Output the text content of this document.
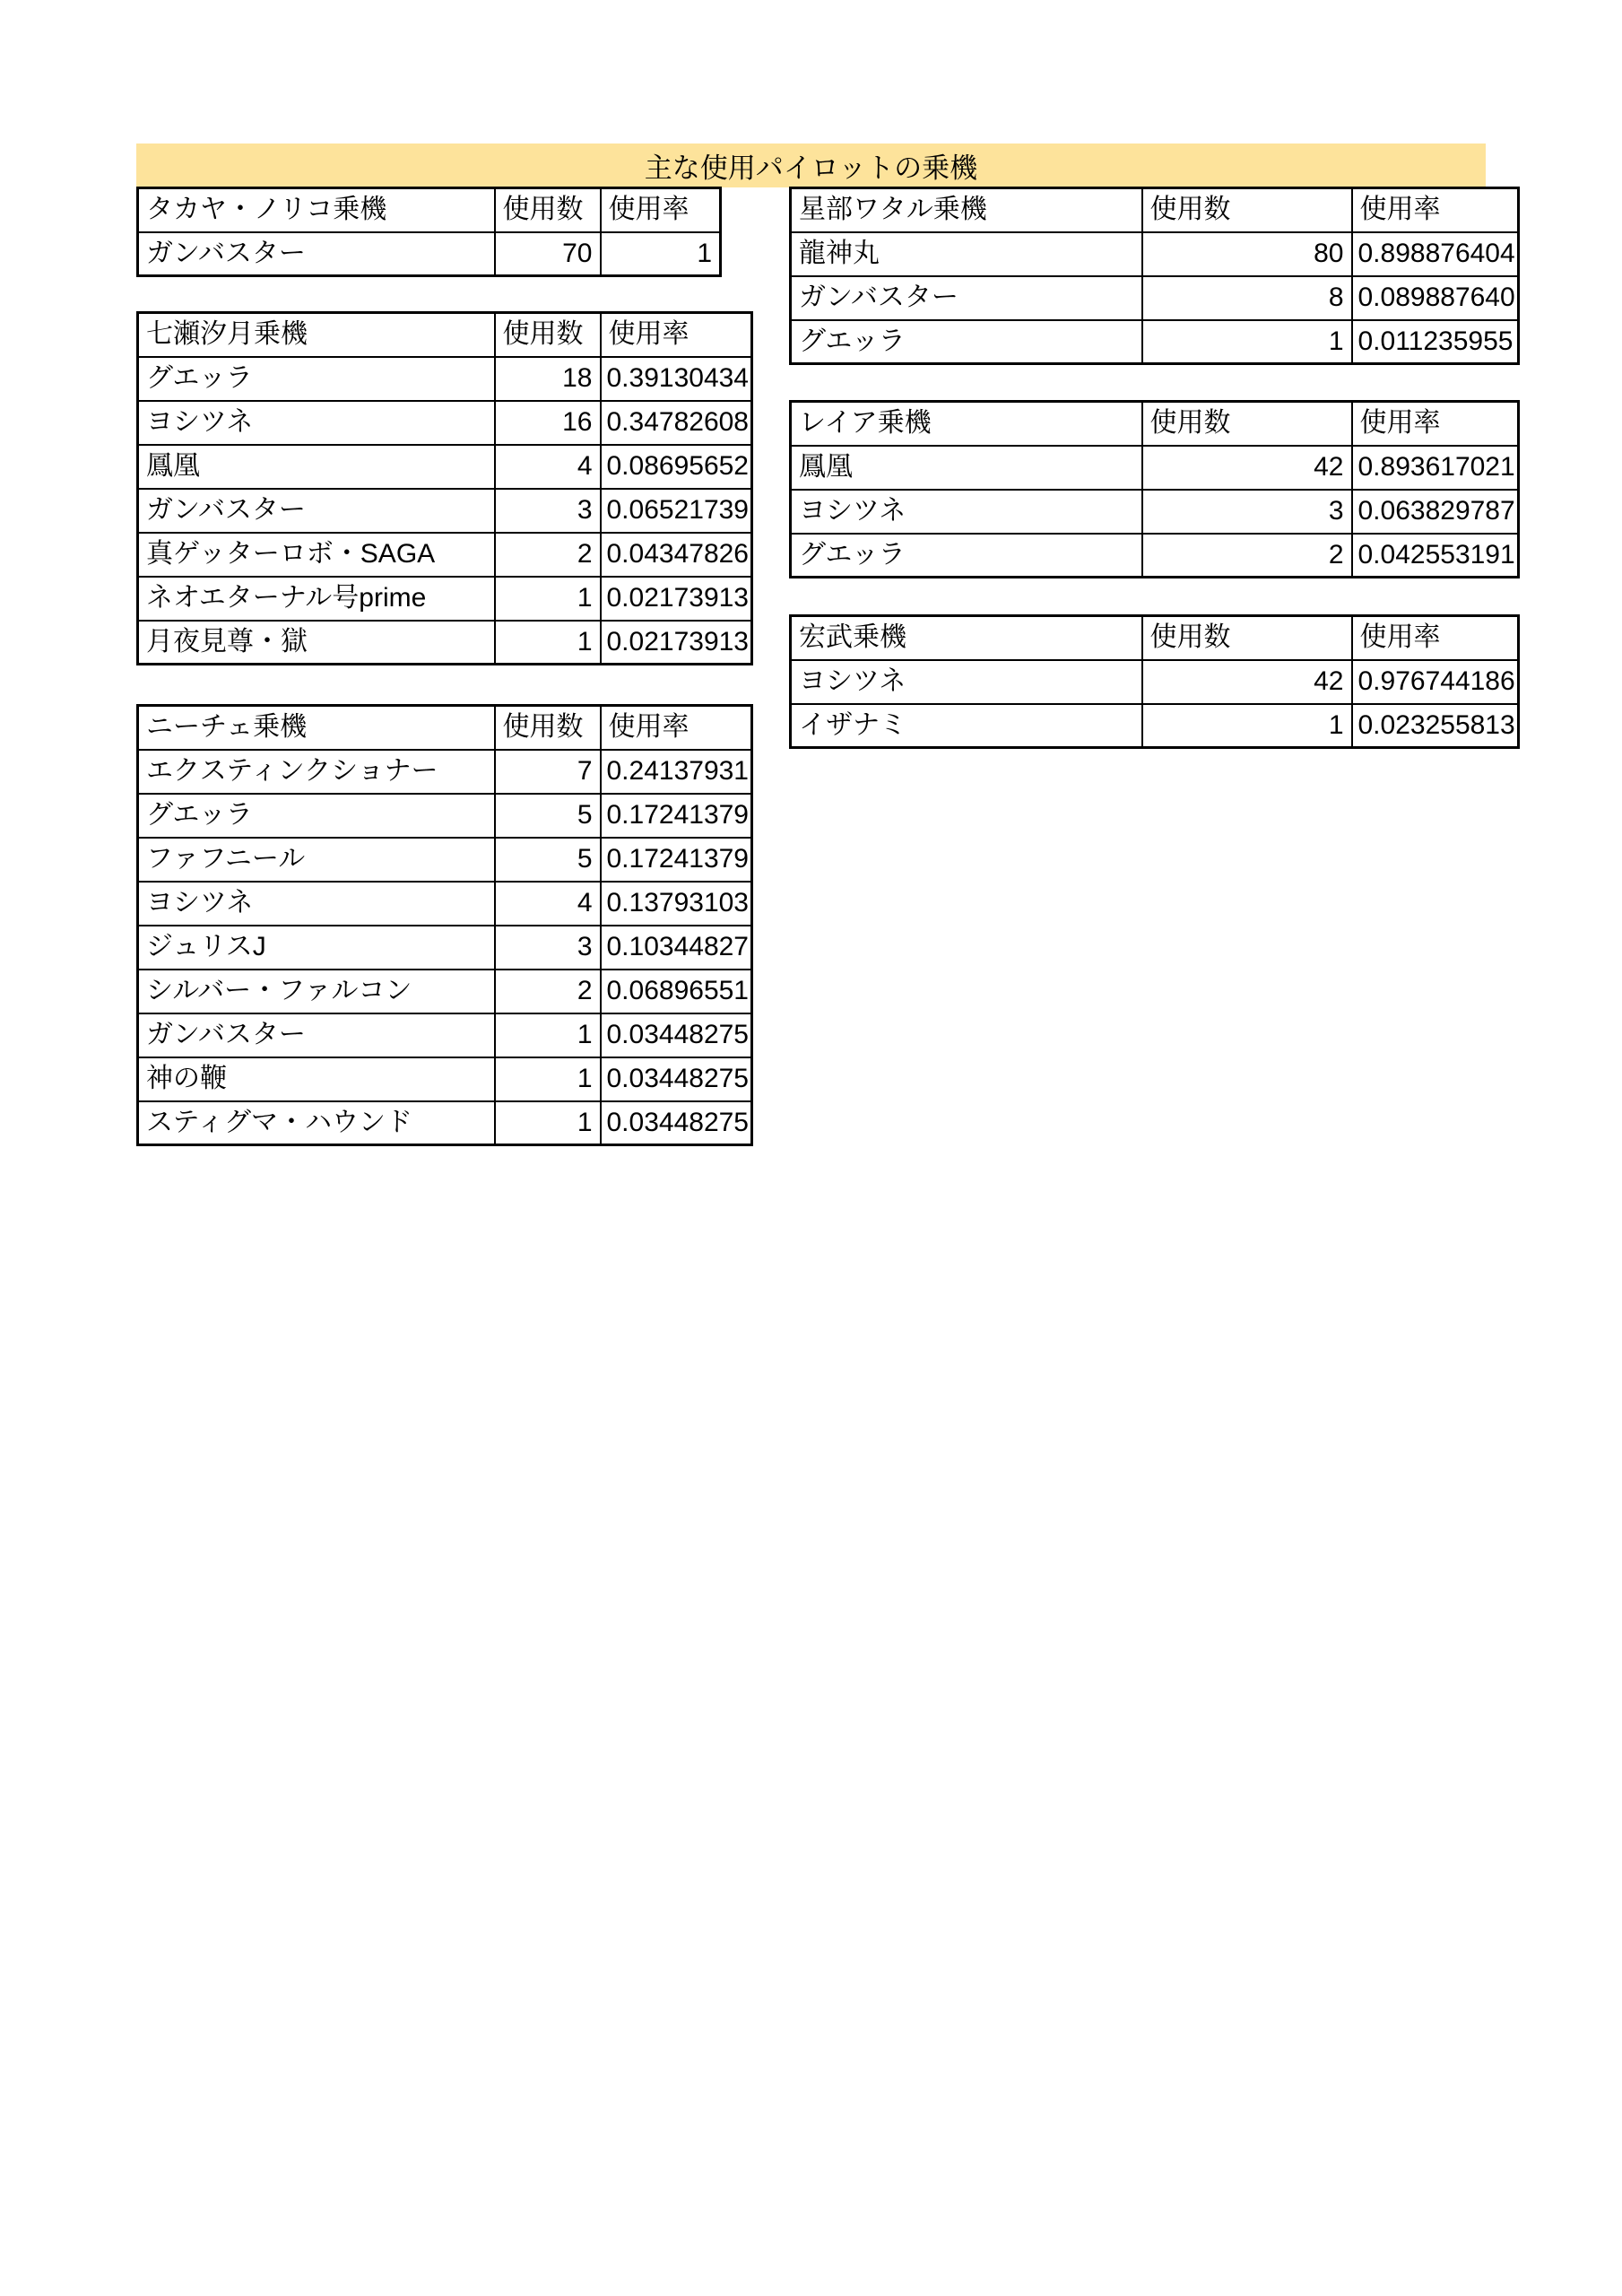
主な使用パイロットの乗機
タカヤ・ノリコ乗機	使用数	使用率
ガンバスター	70	1
七瀬汐月乗機	使用数	使用率
グエッラ	18	0.39130434
ヨシツネ	16	0.34782608
鳳凰	4	0.08695652
ガンバスター	3	0.06521739
真ゲッターロボ・SAGA	2	0.04347826
ネオエターナル号prime	1	0.02173913
月夜見尊・獄	1	0.02173913
ニーチェ乗機	使用数	使用率
エクスティンクショナー	7	0.24137931
グエッラ	5	0.17241379
ファフニール	5	0.17241379
ヨシツネ	4	0.13793103
ジュリスJ	3	0.10344827
シルバー・ファルコン	2	0.06896551
ガンバスター	1	0.03448275
神の鞭	1	0.03448275
スティグマ・ハウンド	1	0.03448275
星部ワタル乗機	使用数	使用率
龍神丸	80	0.898876404
ガンバスター	8	0.089887640
グエッラ	1	0.011235955
レイア乗機	使用数	使用率
鳳凰	42	0.893617021
ヨシツネ	3	0.063829787
グエッラ	2	0.042553191
宏武乗機	使用数	使用率
ヨシツネ	42	0.976744186
イザナミ	1	0.023255813
